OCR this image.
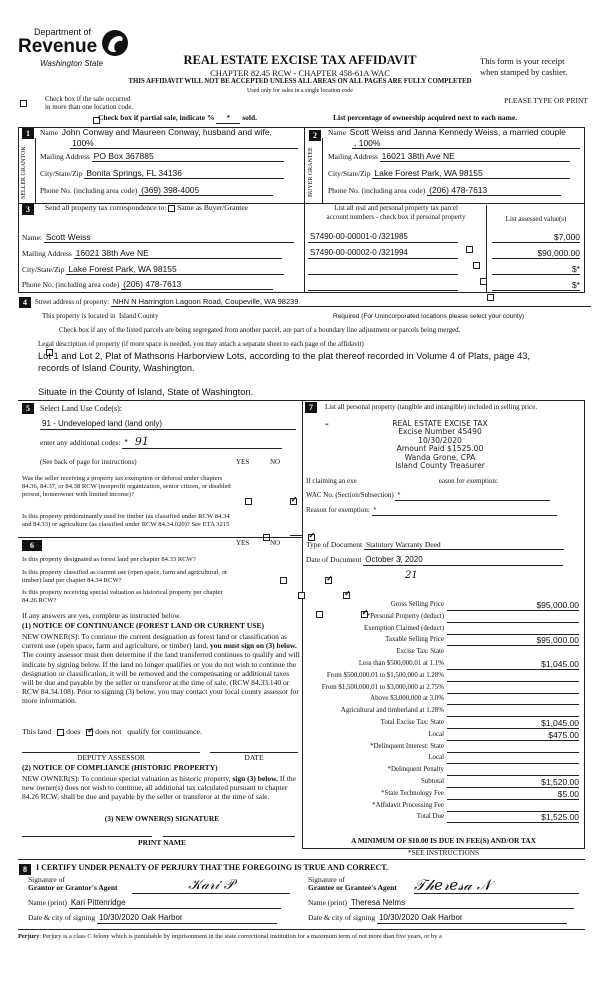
Department of
Revenue
Washington State	REAL ESTATE EXCISE TAX AFFIDAVIT
CHAPTER 82.45 RCW - CHAPTER 458-61A WAC
THIS AFFIDAVIT WILL NOT BE ACCEPTED UNLESS ALL AREAS ON ALL PAGES ARE FULLY COMPLETED
Used only for sales in a single location code
This form is your receipt
when stamped by cashier.

Check box if the sale occurred
in more than one location code.
PLEASE TYPE OR PRINT
Check box if partial sale, indicate % * sold.	List percentage of ownership acquired next to each name.
1
SELLER GRANTOR
Name John Conway and Maureen Conway, husband and wife,
100%
Mailing Address PO Box 367885
City/State/Zip Bonita Springs, FL 34136
Phone No. (including area code) (369) 398-4005
2
BUYER GRANTEE
Name Scott Weiss and Janna Kennedy Weiss, a married couple
, 100%
Mailing Address 16021 38th Ave NE
City/State/Zip Lake Forest Park, WA 98155
Phone No. (including area code) (206) 478-7613
3	Send all property tax correspondence to: Same as Buyer/Grantee
Name: Scott Weiss
Mailing Address 16021 38th Ave NE
City/State/Zip Lake Forest Park, WA 98155
Phone No. (including area code) (206) 478-7613
List all real and personal property tax parcel
account numbers - check box if personal property	List assessed value(s)
S7490-00-00001-0 /321985	$7,000
S7490-00-00002-0 /321994	$90,000.00

$*

$*
4	Street address of property: NHN N Harrington Lagoon Road, Coupeville, WA 98239
This property is located in Island County	Required (For Unincorporated locations please select your county)

Check box if any of the listed parcels are being segregated from another parcel, are part of a boundary line adjustment or parcels being merged.
Legal description of property (if more space is needed, you may attach a separate sheet to each page of the affidavit)
Lot 1 and Lot 2, Plat of Mathsons Harborview Lots, according to the plat thereof recorded in Volume 4 of Plats, page 43,
records of Island County, Washington.
Situate in the County of Island, State of Washington.
5	Select Land Use Code(s):
91 - Undeveloped land (land only)
enter any additional codes: * 91
(See back of page for instructions)	YES	NO
Was the seller receiving a property tax exemption or deferral under chapters 84.36, 84.37, or 84.38 RCW (nonprofit organization, senior citizen, or disabled person, homeowner with limited income)?
✓
Is this property predominantly used for timber (as classified under RCW 84.34 and 84.33) or agriculture (as classified under RCW 84.34.020)? See ETA 3215
✓
6	YES	NO
Is this property designated as forest land per chapter 84.33 RCW?
✓
Is this property classified as current use (open space, farm and agricultural, or timber) land per chapter 84.34 RCW?
✓
Is this property receiving special valuation as historical property per chapter 84.26 RCW?
✓
If any answers are yes, complete as instructed below.
(1) NOTICE OF CONTINUANCE (FOREST LAND OR CURRENT USE)
NEW OWNER(S): To continue the current designation as forest land or classification as current use (open space, farm and agriculture, or timber) land, you must sign on (3) below. The county assessor must then determine if the land transferred continues to qualify and will indicate by signing below. If the land no longer qualifies or you do not wish to continue the designation or classification, it will be removed and the compensating or additional taxes will be due and payable by the seller or transferor at the time of sale. (RCW 84.33.140 or RCW 84.34.108). Prior to signing (3) below, you may contact your local county assessor for more information.
This land does ✓ does not qualify for continuance.
DEPUTY ASSESSOR	DATE
(2) NOTICE OF COMPLIANCE (HISTORIC PROPERTY)
NEW OWNER(S): To continue special valuation as historic property, sign (3) below. If the new owner(s) does not wish to continue, all additional tax calculated pursuant to chapter 84.26 RCW, shall be due and payable by the seller or transferor at the time of sale.
(3) NEW OWNER(S) SIGNATURE
PRINT NAME
7	List all personal property (tangible and intangible) included in selling price.
*	REAL ESTATE EXCISE TAX
Excise Number 45490
10/30/2020
Amount Paid $1525.00
Wanda Grone, CPA
Island County Treasurer
If claiming an exe	eason for exemption:
WAC No. (Section/Subsection) *
Reason for exemption: *
Type of Document Statutory Warranty Deed
Date of Document October 3̸, 2020
21
Gross Selling Price	$95,000.00
*Personal Property (deduct)

Exemption Claimed (deduct)

Taxable Selling Price	$95,000.00
Excise Tax: State

Less than $500,000.01 at 1.1%	$1,045.00
From $500,000.01 to $1,500,000 at 1.28%

From $1,500,000.01 to $3,000,000 at 2.75%

Above $3,000,000 at 3.0%

Agricultural and timberland at 1.28%

Total Excise Tax: State	$1,045.00
Local	$475.00
*Delinquent Interest: State

Local

*Delinquent Penalty

Subtotal	$1,520.00
*State Technology Fee	$5.00
*Affidavit Processing Fee

Total Due	$1,525.00
A MINIMUM OF $10.00 IS DUE IN FEE(S) AND/OR TAX
*SEE INSTRUCTIONS
8	I CERTIFY UNDER PENALTY OF PERJURY THAT THE FOREGOING IS TRUE AND CORRECT.
Signature of
Grantor or Grantor's Agent	𝒦𝒶𝓇𝒾 𝒫
Name (print) Kari Pittenridge
Date & city of signing 10/30/2020 Oak Harbor
Signature of
Grantee or Grantee's Agent 𝒯𝒽𝑒𝓇𝑒𝓈𝒶 𝒩
Name (print) Theresa Nelms
Date & city of signing 10/30/2020 Oak Harbor
Perjury: Perjury is a class C felony which is punishable by imprisonment in the state correctional institution for a maximum term of not more than five years, or by a
